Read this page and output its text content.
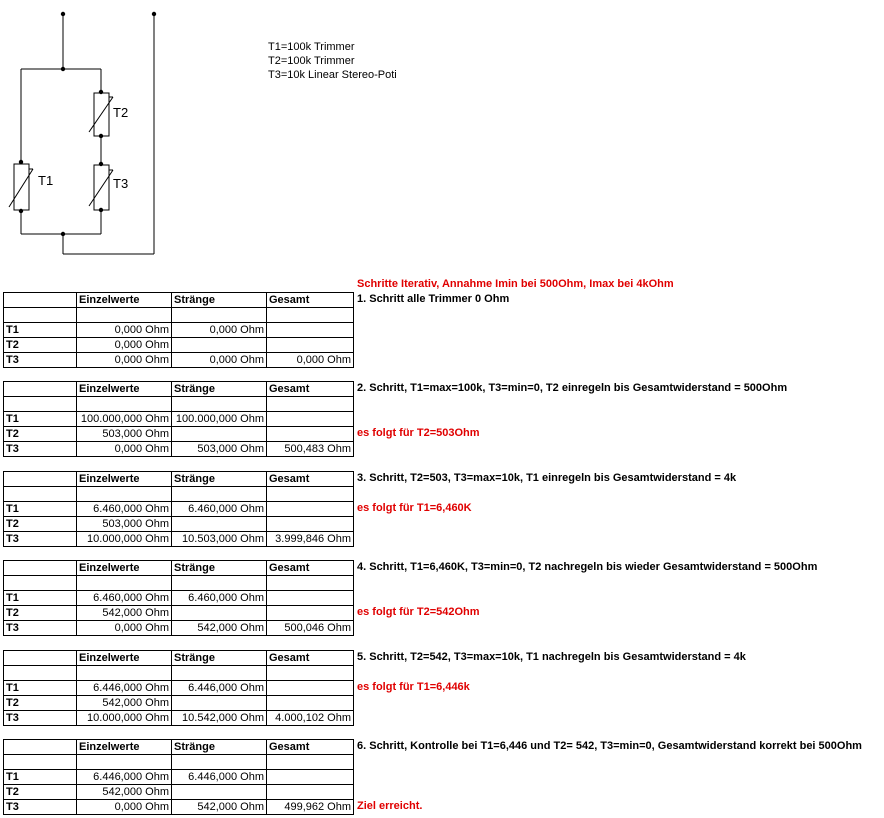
T1
T2
T3
T1=100k Trimmer
T2=100k Trimmer
T3=10k Linear Stereo-Poti
Schritte Iterativ, Annahme Imin bei 500Ohm, Imax bei 4kOhm
	Einzelwerte	Stränge	Gesamt

T1	0,000 Ohm	0,000 Ohm	
T2	0,000 Ohm		
T3	0,000 Ohm	0,000 Ohm	0,000 Ohm
1. Schritt alle Trimmer 0 Ohm
	Einzelwerte	Stränge	Gesamt

T1	100.000,000 Ohm	100.000,000 Ohm	
T2	503,000 Ohm		
T3	0,000 Ohm	503,000 Ohm	500,483 Ohm
2. Schritt, T1=max=100k, T3=min=0, T2 einregeln bis Gesamtwiderstand = 500Ohm
es folgt für T2=503Ohm
	Einzelwerte	Stränge	Gesamt

T1	6.460,000 Ohm	6.460,000 Ohm	
T2	503,000 Ohm		
T3	10.000,000 Ohm	10.503,000 Ohm	3.999,846 Ohm
3. Schritt, T2=503, T3=max=10k, T1 einregeln bis Gesamtwiderstand = 4k
es folgt für T1=6,460K
	Einzelwerte	Stränge	Gesamt

T1	6.460,000 Ohm	6.460,000 Ohm	
T2	542,000 Ohm		
T3	0,000 Ohm	542,000 Ohm	500,046 Ohm
4. Schritt, T1=6,460K, T3=min=0, T2 nachregeln bis wieder Gesamtwiderstand = 500Ohm
es folgt für T2=542Ohm
	Einzelwerte	Stränge	Gesamt

T1	6.446,000 Ohm	6.446,000 Ohm	
T2	542,000 Ohm		
T3	10.000,000 Ohm	10.542,000 Ohm	4.000,102 Ohm
5. Schritt, T2=542, T3=max=10k, T1 nachregeln bis Gesamtwiderstand = 4k
es folgt für T1=6,446k
	Einzelwerte	Stränge	Gesamt

T1	6.446,000 Ohm	6.446,000 Ohm	
T2	542,000 Ohm		
T3	0,000 Ohm	542,000 Ohm	499,962 Ohm
6. Schritt, Kontrolle bei T1=6,446 und T2= 542, T3=min=0, Gesamtwiderstand korrekt bei 500Ohm
Ziel erreicht.
